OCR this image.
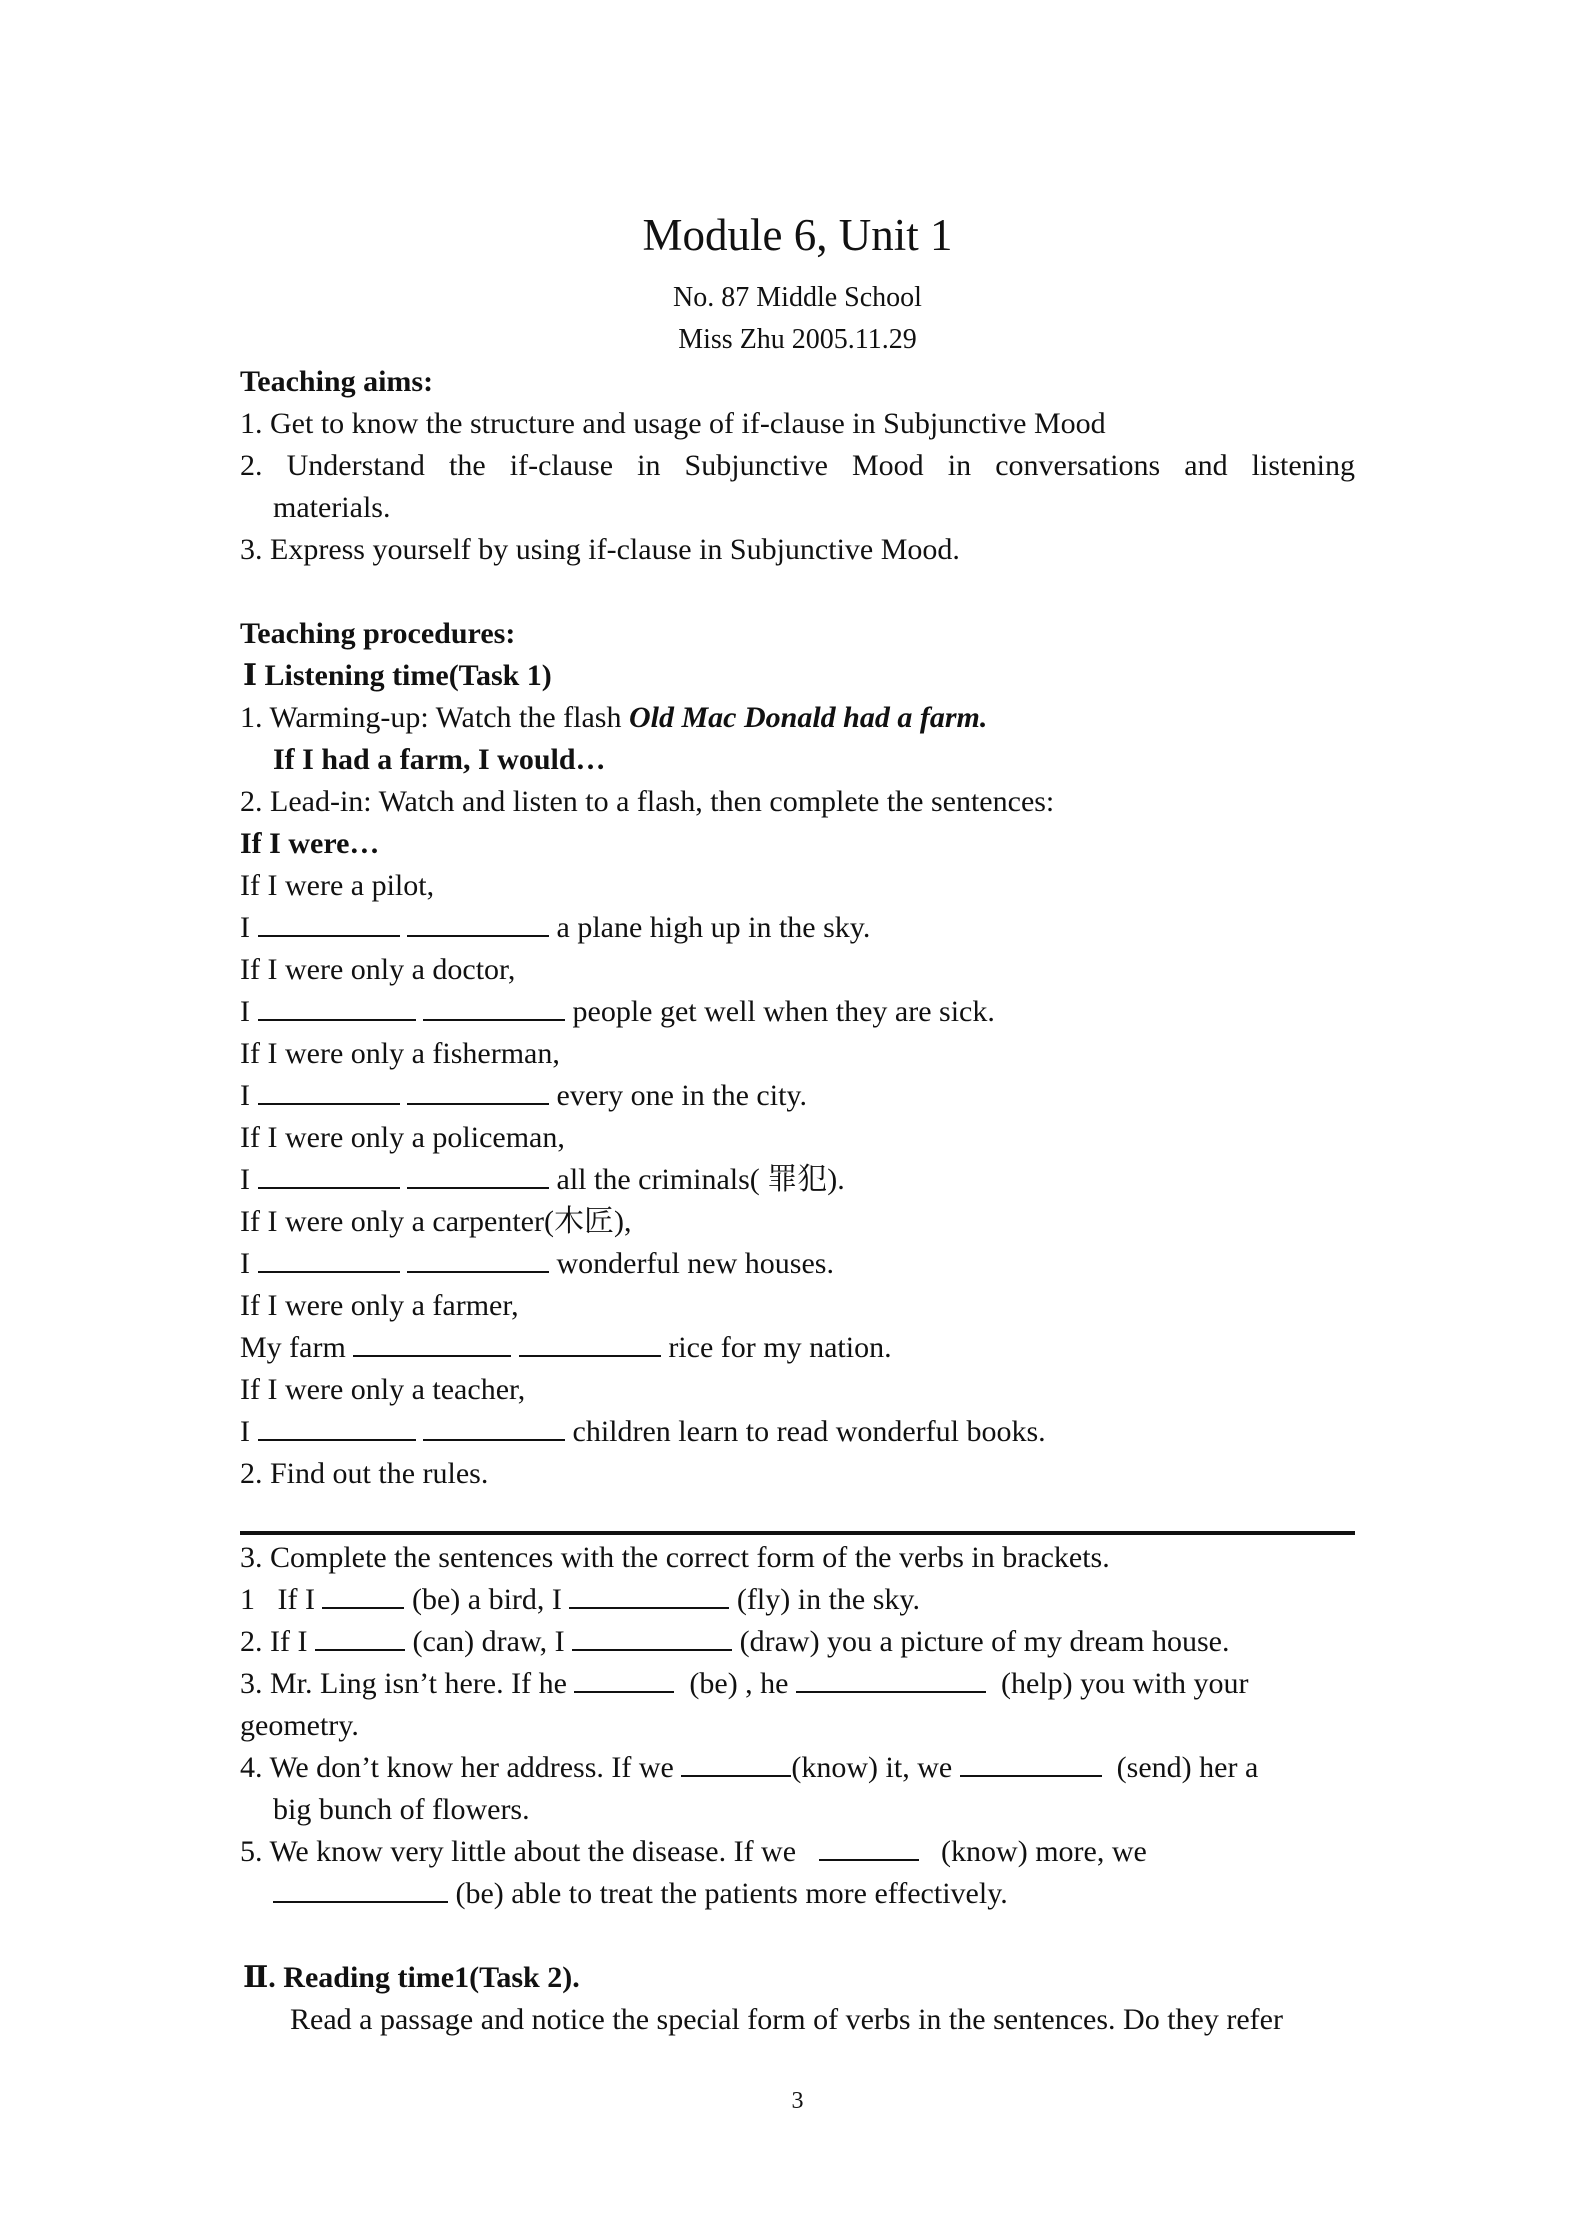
Module 6, Unit 1
No. 87 Middle School
Miss Zhu 2005.11.29
Teaching aims:
1. Get to know the structure and usage of if-clause in Subjunctive Mood
2. Understand the if-clause in Subjunctive Mood in conversations and listening
materials.
3. Express yourself by using if-clause in Subjunctive Mood.
Teaching procedures:
Ⅰ Listening time(Task 1)
1. Warming-up: Watch the flash Old Mac Donald had a farm.
If I had a farm, I would…
2. Lead-in: Watch and listen to a flash, then complete the sentences:
If I were…
If I were a pilot,
I	a plane high up in the sky.
If I were only a doctor,
I	people get well when they are sick.
If I were only a fisherman,
I	every one in the city.
If I were only a policeman,
I	all the criminals( 罪犯).
If I were only a carpenter(木匠),
I	wonderful new houses.
If I were only a farmer,
My farm	rice for my nation.
If I were only a teacher,
I	children learn to read wonderful books.
2. Find out the rules.
3. Complete the sentences with the correct form of the verbs in brackets.
1 If I	(be) a bird, I	(fly) in the sky.
2. If I	(can) draw, I	(draw) you a picture of my dream house.
3. Mr. Ling isn’t here. If he	(be) , he	(help) you with your
geometry.
4. We don’t know her address. If we	(know) it, we	(send) her a
big bunch of flowers.
5. We know very little about the disease. If we	(know) more, we
(be) able to treat the patients more effectively.
Ⅱ. Reading time1(Task 2).
Read a passage and notice the special form of verbs in the sentences. Do they refer
3
